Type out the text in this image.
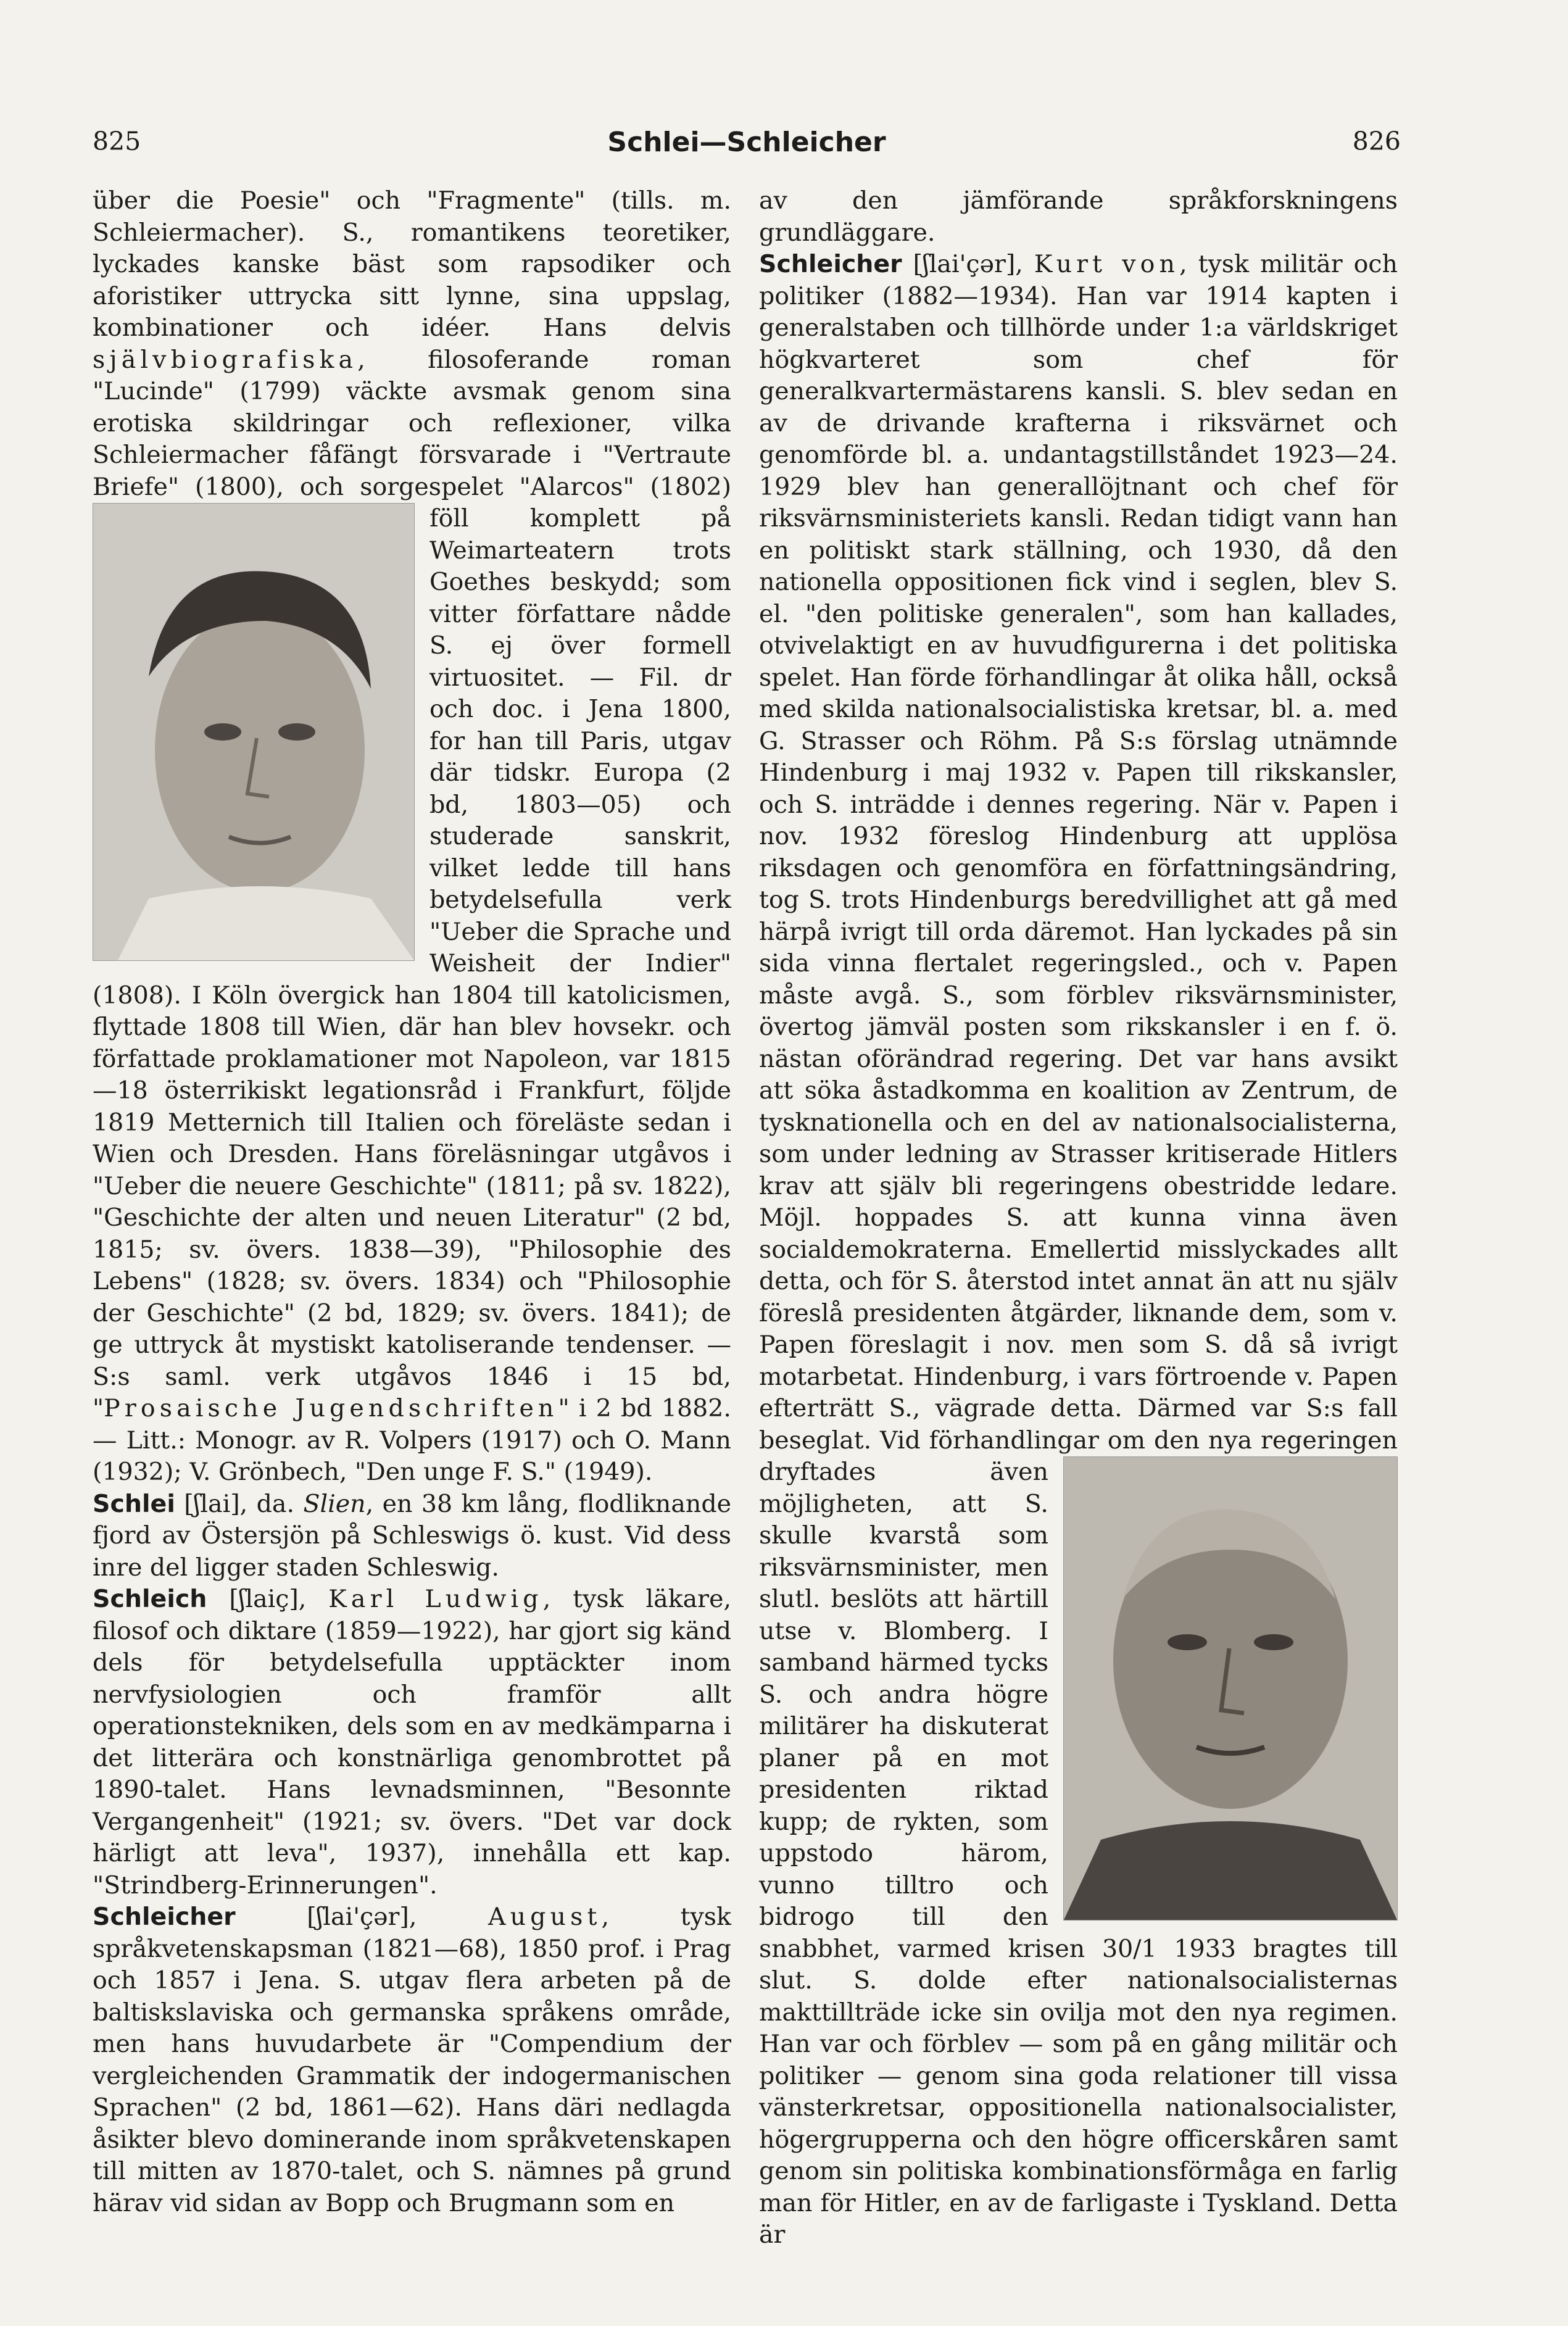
825	Schlei—Schleicher	826

über die Poesie" och "Fragmente" (tills. m. Schleiermacher). S., romantikens teoretiker, lyckades kanske bäst som rapsodiker och aforistiker uttrycka sitt lynne, sina uppslag, kombinationer och idéer. Hans delvis självbiografiska, filosoferande roman "Lucinde" (1799) väckte avsmak genom sina erotiska skildringar och reflexioner, vilka Schleiermacher fåfängt försvarade i "Vertraute Briefe" (1800), och sorgespelet "Alarcos"
(1802) föll komplett på Weimarteatern trots Goethes beskydd; som vitter författare nådde S. ej över formell virtuositet. — Fil. dr och doc. i Jena 1800, for han till Paris, utgav där tidskr. Europa (2 bd, 1803—05) och studerade sanskrit, vilket ledde till hans betydelsefulla verk "Ueber die Sprache und Weisheit der Indier" (1808). I Köln övergick han 1804 till katolicismen, flyttade 1808 till Wien, där han blev hovsekr. och författade proklamationer mot Napoleon, var 1815—18 österrikiskt legationsråd i Frankfurt, följde 1819 Metternich till Italien och föreläste sedan i Wien och Dresden. Hans föreläsningar utgåvos i "Ueber die neuere Geschichte" (1811; på sv. 1822), "Geschichte der alten und neuen Literatur" (2 bd, 1815; sv. övers. 1838—39), "Philosophie des Lebens" (1828; sv. övers. 1834) och "Philosophie der Geschichte" (2 bd, 1829; sv. övers. 1841); de ge uttryck åt mystiskt katoliserande tendenser. — S:s saml. verk utgåvos 1846 i 15 bd, "Prosaische Jugendschriften" i 2 bd 1882. — Litt.: Monogr. av R. Volpers (1917) och O. Mann (1932); V. Grönbech, "Den unge F. S." (1949).

Schlei [ʃlai], da. Slien, en 38 km lång, flodliknande fjord av Östersjön på Schleswigs ö. kust. Vid dess inre del ligger staden Schleswig.

Schleich [ʃlaiç], Karl Ludwig, tysk läkare, filosof och diktare (1859—1922), har gjort sig känd dels för betydelsefulla upptäckter inom nervfysiologien och framför allt operationstekniken, dels som en av medkämparna i det litterära och konstnärliga genombrottet på 1890-talet. Hans levnadsminnen, "Besonnte Vergangenheit" (1921; sv. övers. "Det var dock härligt att leva", 1937), innehålla ett kap. "Strindberg-Erinnerungen".

Schleicher [ʃlai'çər], August, tysk språkvetenskapsman (1821—68), 1850 prof. i Prag och 1857 i Jena. S. utgav flera arbeten på de baltiskslaviska och germanska språkens område, men hans huvudarbete är "Compendium der vergleichenden Grammatik der indogermanischen Sprachen" (2 bd, 1861—62). Hans däri nedlagda åsikter blevo dominerande inom språkvetenskapen till mitten av 1870-talet, och S. nämnes på grund härav vid sidan av Bopp och Brugmann som en

av den jämförande språkforskningens grundläggare.

Schleicher [ʃlai'çər], Kurt von, tysk militär och politiker (1882—1934). Han var 1914 kapten i generalstaben och tillhörde under 1:a världskriget högkvarteret som chef för generalkvartermästarens kansli. S. blev sedan en av de drivande krafterna i riksvärnet och genomförde bl. a. undantagstillståndet 1923—24. 1929 blev han generallöjtnant och chef för riksvärnsministeriets kansli. Redan tidigt vann han en politiskt stark ställning, och 1930, då den nationella oppositionen fick vind i seglen, blev S. el. "den politiske generalen", som han kallades, otvivelaktigt en av huvudfigurerna i det politiska spelet. Han förde förhandlingar åt olika håll, också med skilda nationalsocialistiska kretsar, bl. a. med G. Strasser och Röhm. På S:s förslag utnämnde Hindenburg i maj 1932 v. Papen till rikskansler, och S. inträdde i dennes regering. När v. Papen i nov. 1932 föreslog Hindenburg att upplösa riksdagen och genomföra en författningsändring, tog S. trots Hindenburgs beredvillighet att gå med härpå ivrigt till orda däremot. Han lyckades på sin sida vinna flertalet regeringsled., och v. Papen måste avgå. S., som förblev riksvärnsminister, övertog jämväl posten som rikskansler i en f. ö. nästan oförändrad regering. Det var hans avsikt att söka åstadkomma en koalition av Zentrum, de tysknationella och en del av nationalsocialisterna, som under ledning av Strasser kritiserade Hitlers krav att själv bli regeringens obestridde ledare. Möjl. hoppades S. att kunna vinna även socialdemokraterna. Emellertid misslyckades allt detta, och för S. återstod intet annat än att nu själv föreslå presidenten åtgärder, liknande dem, som v. Papen föreslagit i nov. men som S. då så ivrigt motarbetat. Hindenburg, i vars förtroende v. Papen efterträtt S., vägrade detta. Därmed var S:s fall beseglat. Vid förhandlingar
om den nya regeringen dryftades även möjligheten, att S. skulle kvarstå som riksvärnsminister, men slutl. beslöts att härtill utse v. Blomberg. I samband härmed tycks S. och andra högre militärer ha diskuterat planer på en mot presidenten riktad kupp; de rykten, som uppstodo härom, vunno tilltro och bidrogo till den snabbhet, varmed krisen 30/1 1933 bragtes till slut. S. dolde efter nationalsocialisternas makttillträde icke sin ovilja mot den nya regimen. Han var och förblev — som på en gång militär och politiker — genom sina goda relationer till vissa vänsterkretsar, oppositionella nationalsocialister, högergrupperna och den högre officerskåren samt genom sin politiska kombinationsförmåga en farlig man för Hitler, en av de farligaste i Tyskland. Detta är
